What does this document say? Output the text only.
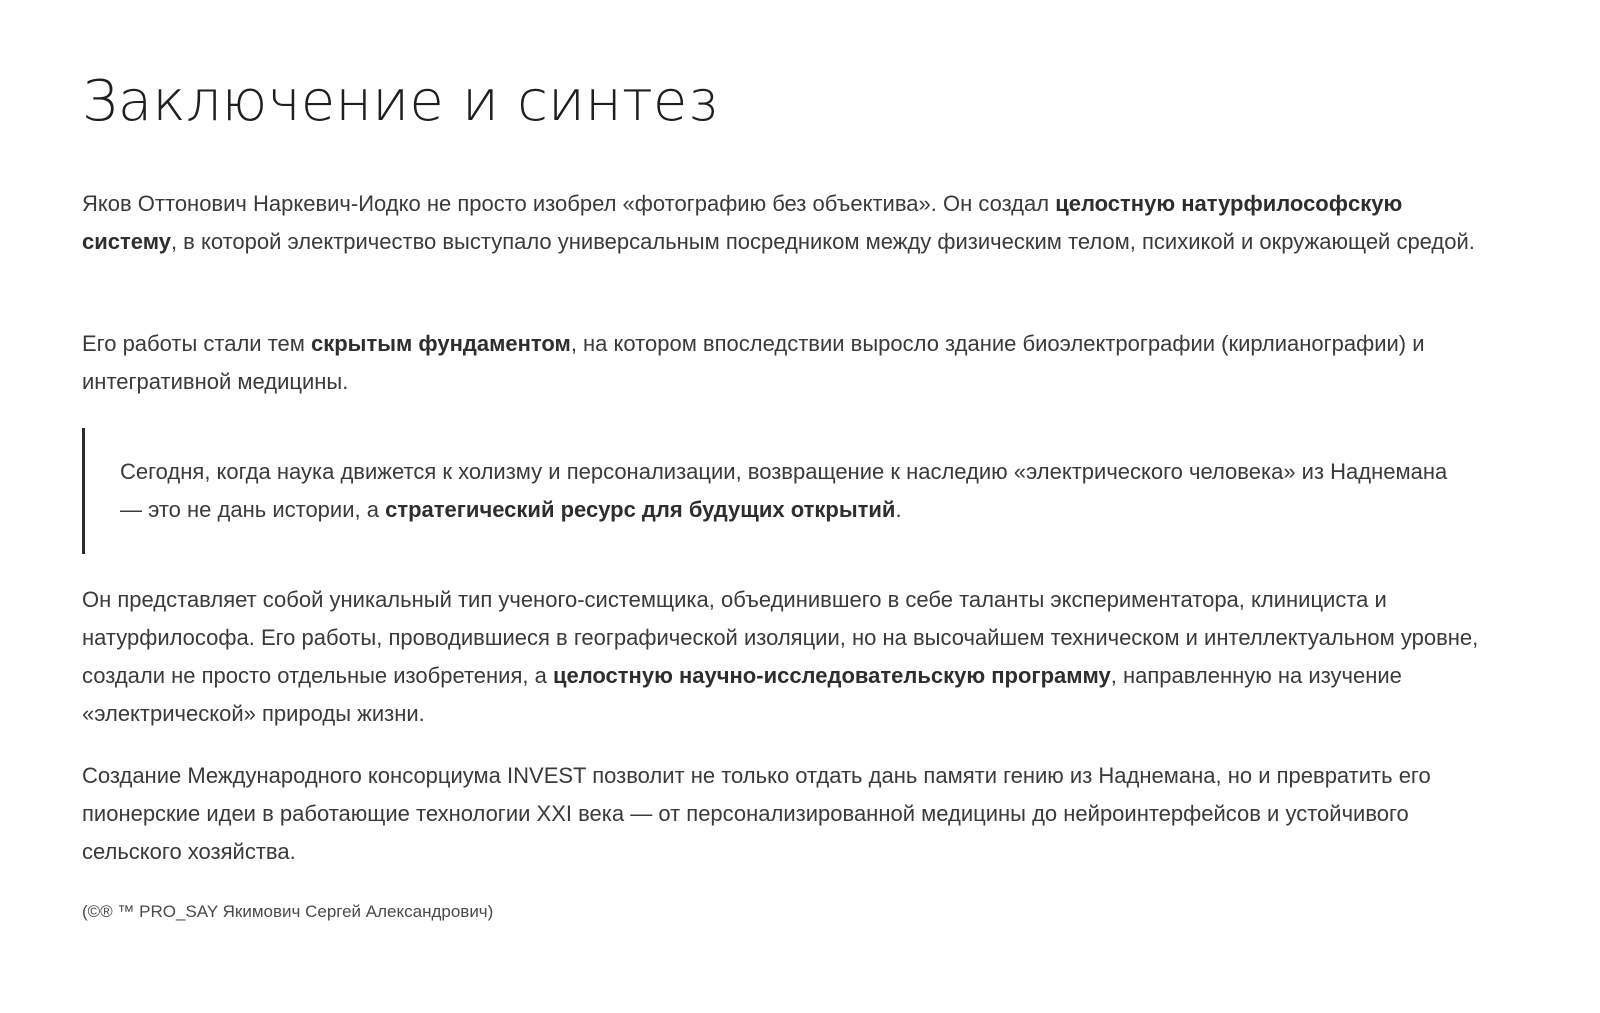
Заключение и синтез

Яков Оттонович Наркевич-Иодко не просто изобрел «фотографию без объектива». Он создал целостную натурфилософскую систему, в которой электричество выступало универсальным посредником между физическим телом, психикой и окружающей средой.

Его работы стали тем скрытым фундаментом, на котором впоследствии выросло здание биоэлектрографии (кирлианографии) и интегративной медицины.

Сегодня, когда наука движется к холизму и персонализации, возвращение к наследию «электрического человека» из Наднемана — это не дань истории, а стратегический ресурс для будущих открытий.

Он представляет собой уникальный тип ученого-системщика, объединившего в себе таланты экспериментатора, клинициста и натурфилософа. Его работы, проводившиеся в географической изоляции, но на высочайшем техническом и интеллектуальном уровне, создали не просто отдельные изобретения, а целостную научно-исследовательскую программу, направленную на изучение «электрической» природы жизни.

Создание Международного консорциума INVEST позволит не только отдать дань памяти гению из Наднемана, но и превратить его пионерские идеи в работающие технологии XXI века — от персонализированной медицины до нейроинтерфейсов и устойчивого сельского хозяйства.

(©® ™ PRO_SAY Якимович Сергей Александрович)
